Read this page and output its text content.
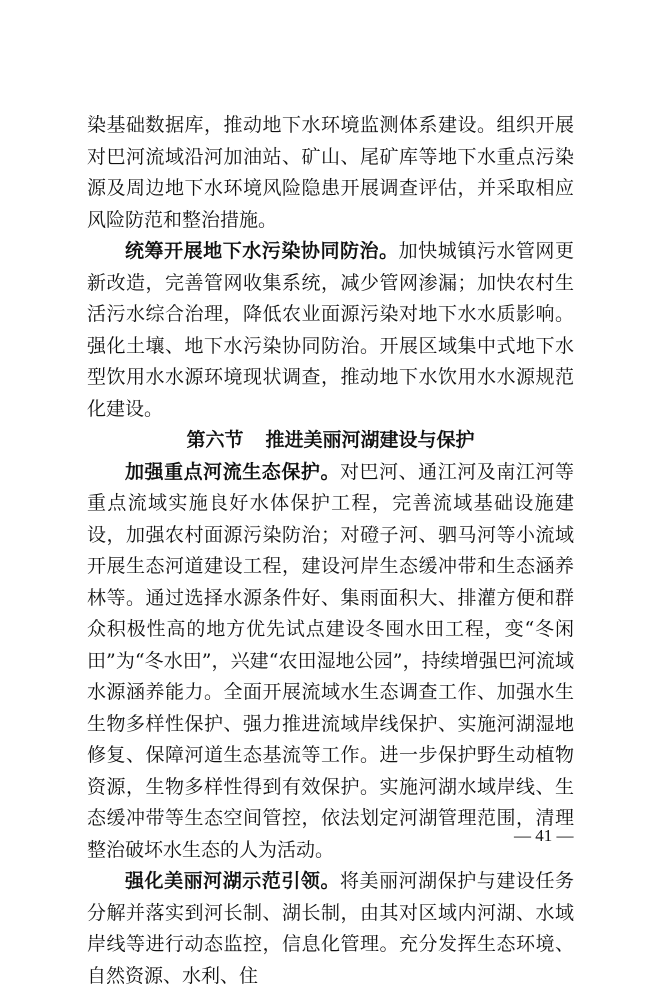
染基础数据库，推动地下水环境监测体系建设。组织开展对巴河流域沿河加油站、矿山、尾矿库等地下水重点污染源及周边地下水环境风险隐患开展调查评估，并采取相应风险防范和整治措施。

统筹开展地下水污染协同防治。加快城镇污水管网更新改造，完善管网收集系统，减少管网渗漏；加快农村生活污水综合治理，降低农业面源污染对地下水水质影响。强化土壤、地下水污染协同防治。开展区域集中式地下水型饮用水水源环境现状调查，推动地下水饮用水水源规范化建设。

第六节 推进美丽河湖建设与保护

加强重点河流生态保护。对巴河、通江河及南江河等重点流域实施良好水体保护工程，完善流域基础设施建设，加强农村面源污染防治；对磴子河、驷马河等小流域开展生态河道建设工程，建设河岸生态缓冲带和生态涵养林等。通过选择水源条件好、集雨面积大、排灌方便和群众积极性高的地方优先试点建设冬囤水田工程，变“冬闲田”为“冬水田”，兴建“农田湿地公园”，持续增强巴河流域水源涵养能力。全面开展流域水生态调查工作、加强水生生物多样性保护、强力推进流域岸线保护、实施河湖湿地修复、保障河道生态基流等工作。进一步保护野生动植物资源，生物多样性得到有效保护。实施河湖水域岸线、生态缓冲带等生态空间管控，依法划定河湖管理范围，清理整治破坏水生态的人为活动。

强化美丽河湖示范引领。将美丽河湖保护与建设任务分解并落实到河长制、湖长制，由其对区域内河湖、水域岸线等进行动态监控，信息化管理。充分发挥生态环境、自然资源、水利、住

— 41 —
